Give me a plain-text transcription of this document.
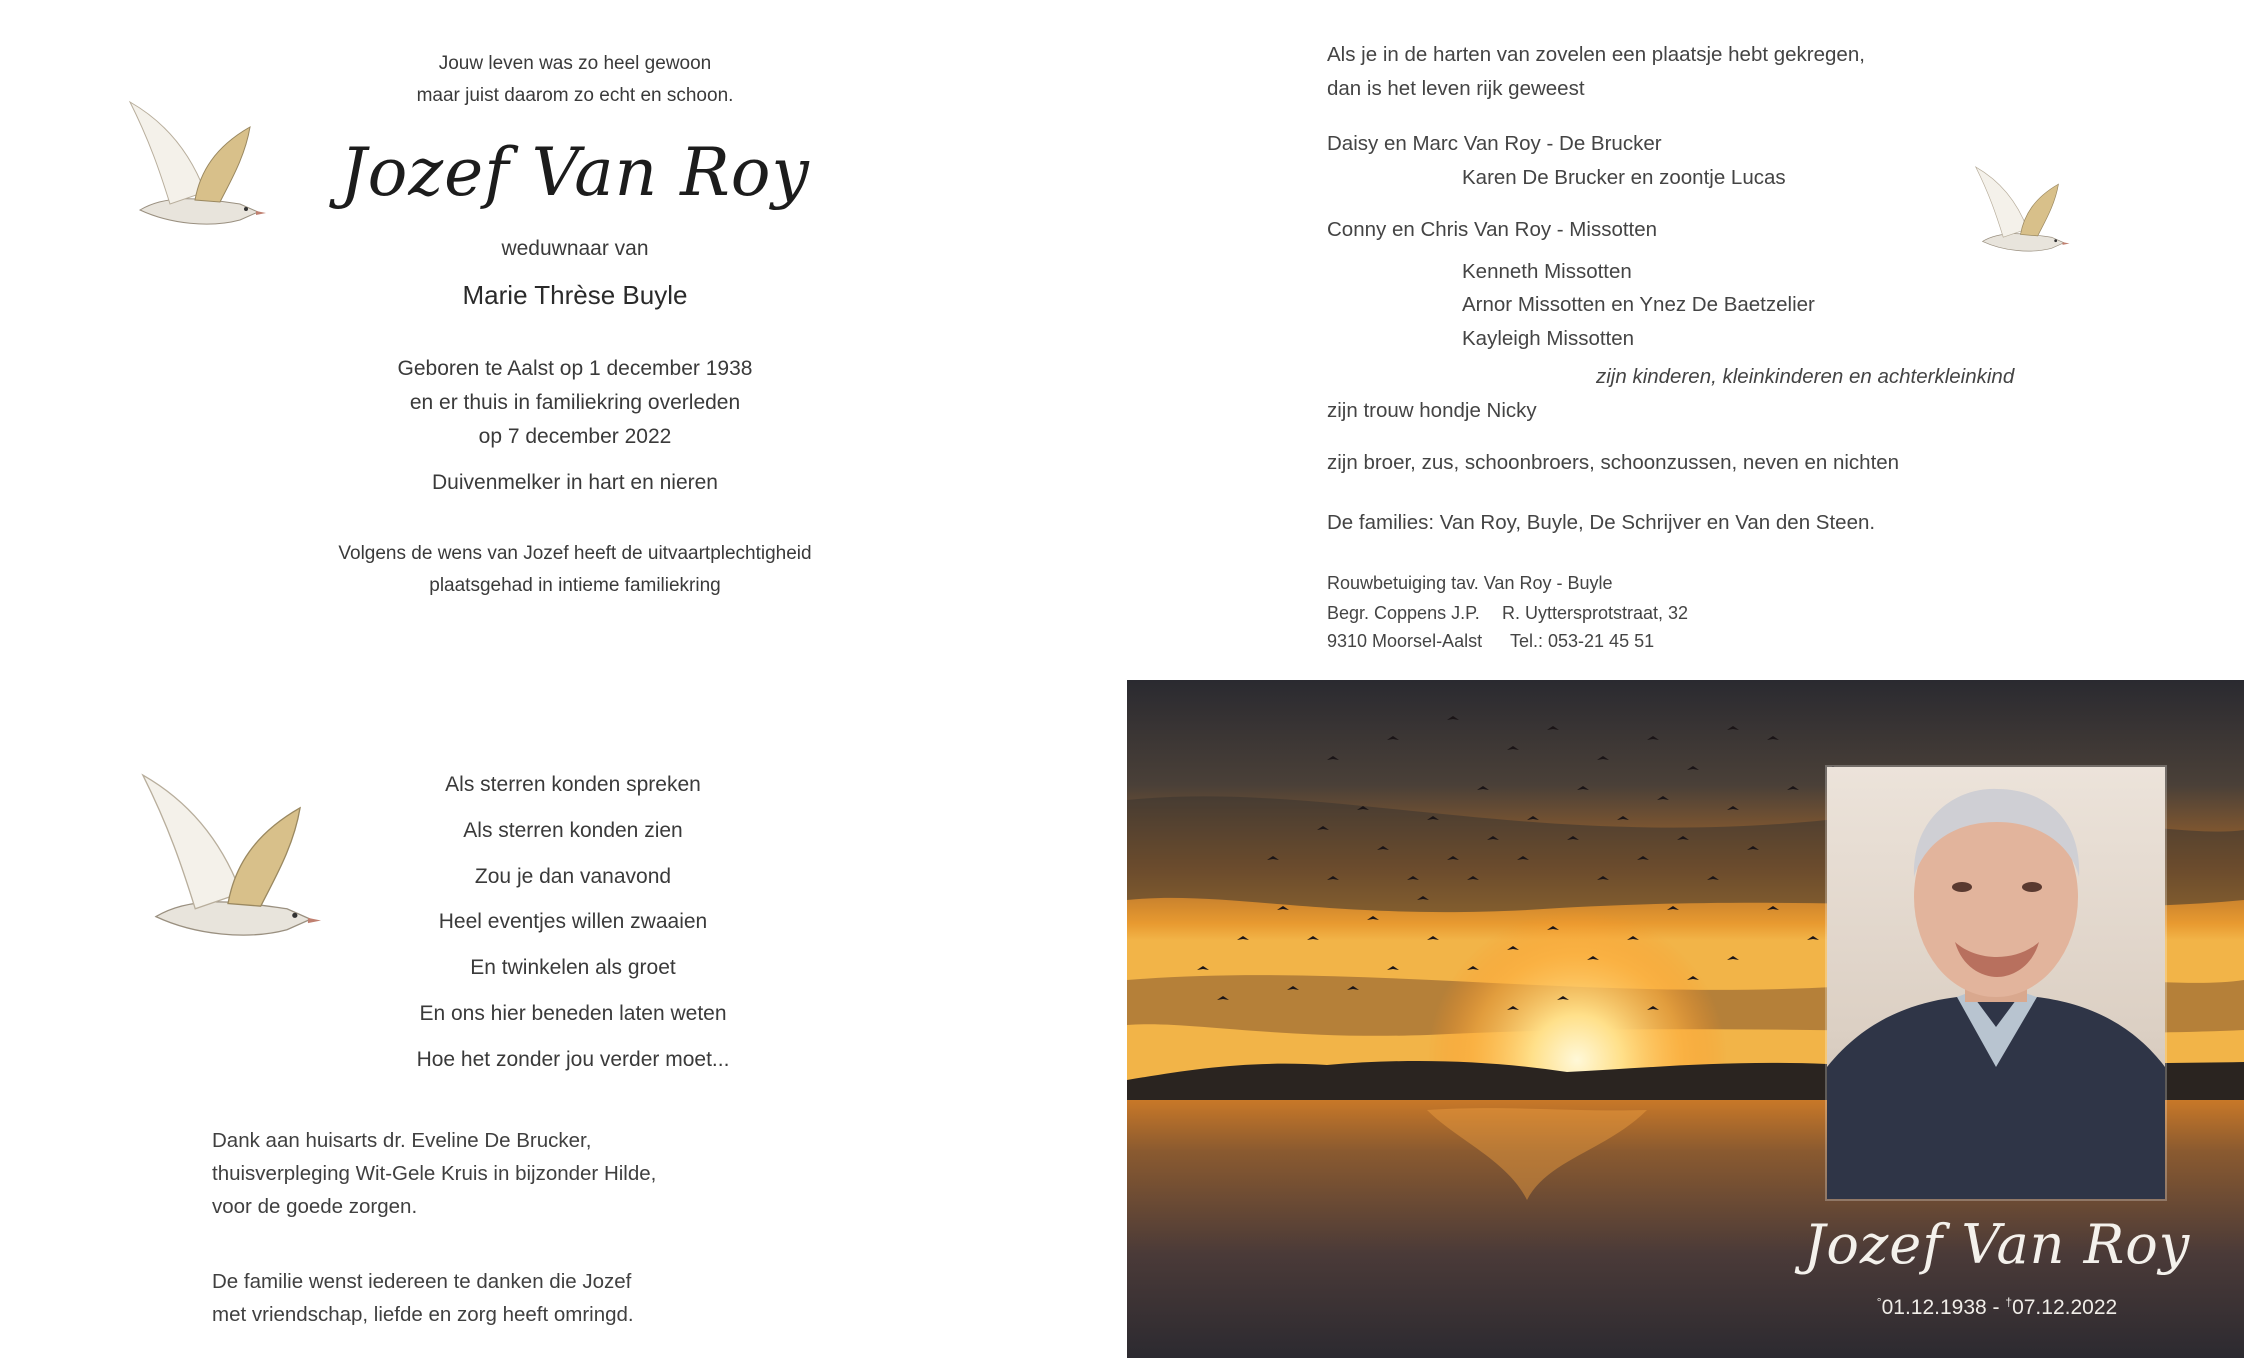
Jouw leven was zo heel gewoon
maar juist daarom zo echt en schoon.
Jozef Van Roy
weduwnaar van
Marie Thrèse Buyle
Geboren te Aalst op 1 december 1938
en er thuis in familiekring overleden
op 7 december 2022
Duivenmelker in hart en nieren
Volgens de wens van Jozef heeft de uitvaartplechtigheid
plaatsgehad in intieme familiekring
Als sterren konden spreken
Als sterren konden zien
Zou je dan vanavond
Heel eventjes willen zwaaien
En twinkelen als groet
En ons hier beneden laten weten
Hoe het zonder jou verder moet...
Dank aan huisarts dr. Eveline De Brucker,
thuisverpleging Wit-Gele Kruis in bijzonder Hilde,
voor de goede zorgen.
De familie wenst iedereen te danken die Jozef
met vriendschap, liefde en zorg heeft omringd.
Als je in de harten van zovelen een plaatsje hebt gekregen,
dan is het leven rijk geweest
Daisy en Marc Van Roy - De Brucker
Karen De Brucker en zoontje Lucas
Conny en Chris Van Roy - Missotten
Kenneth Missotten
Arnor Missotten en Ynez De Baetzelier
Kayleigh Missotten
zijn kinderen, kleinkinderen en achterkleinkind
zijn trouw hondje Nicky
zijn broer, zus, schoonbroers, schoonzussen, neven en nichten
De families: Van Roy, Buyle, De Schrijver en Van den Steen.
Rouwbetuiging tav. Van Roy - Buyle
Begr. Coppens J.P. R. Uyttersprotstraat, 32
9310 Moorsel-Aalst Tel.: 053-21 45 51
Jozef Van Roy
°01.12.1938 - †07.12.2022
